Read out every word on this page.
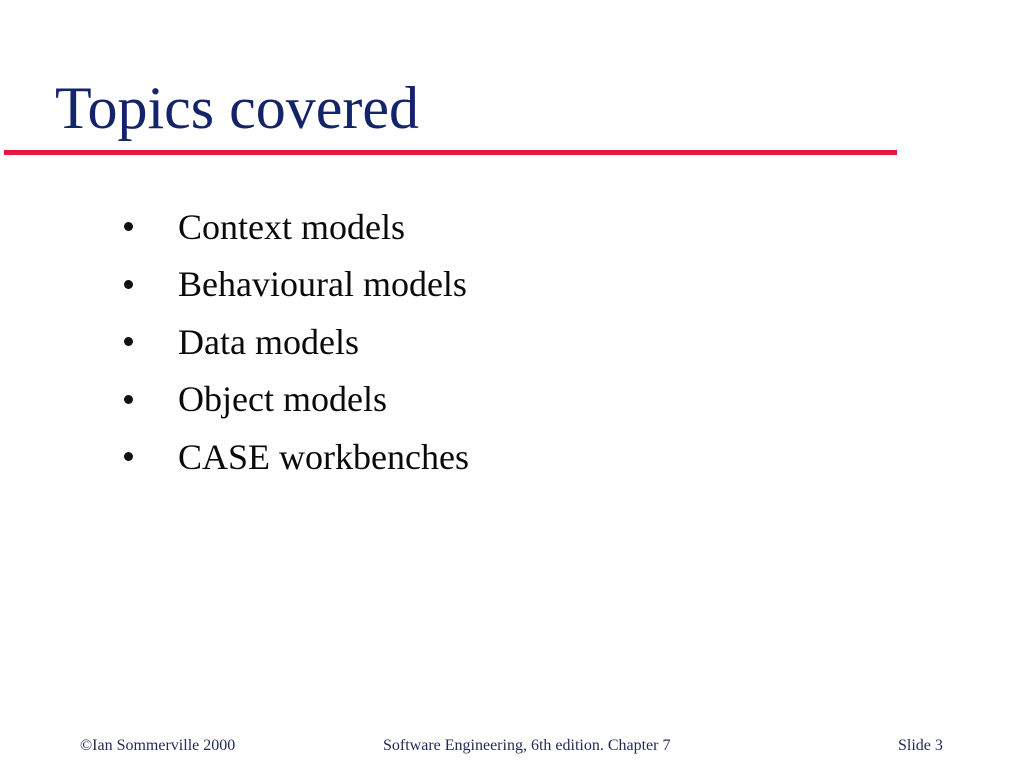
Topics covered
Context models
Behavioural models
Data models
Object models
CASE workbenches
©Ian Sommerville 2000	Software Engineering, 6th edition. Chapter 7	Slide 3
